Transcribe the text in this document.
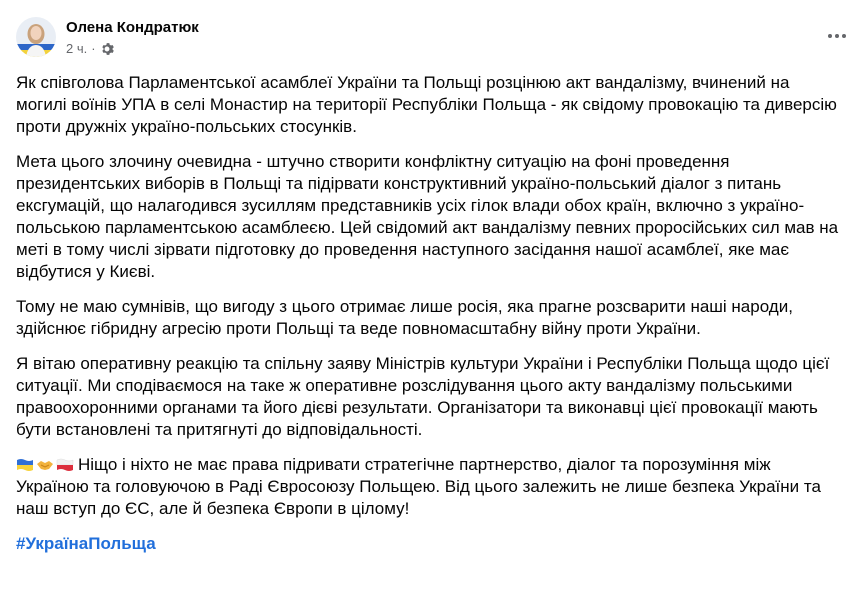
Олена Кондратюк
2 ч. ·

Як співголова Парламентської асамблеї України та Польщі розцінюю акт вандалізму, вчинений на могилі воїнів УПА в селі Монастир на території Республіки Польща - як свідому провокацію та диверсію проти дружніх україно-польських стосунків.

Мета цього злочину очевидна - штучно створити конфліктну ситуацію на фоні проведення президентських виборів в Польщі та підірвати конструктивний україно-польський діалог з питань ексгумацій, що налагодився зусиллям представників усіх гілок влади обох країн, включно з україно-польською парламентською асамблеєю. Цей свідомий акт вандалізму певних проросійських сил мав на меті в тому числі зірвати підготовку до проведення наступного засідання нашої асамблеї, яке має відбутися у Києві.

Тому не маю сумнівів, що вигоду з цього отримає лише росія, яка прагне розсварити наші народи, здійснює гібридну агресію проти Польщі та веде повномасштабну війну проти України.

Я вітаю оперативну реакцію та спільну заяву Міністрів культури України і Республіки Польща щодо цієї ситуації. Ми сподіваємося на таке ж оперативне розслідування цього акту вандалізму польськими правоохоронними органами та його дієві результати. Організатори та виконавці цієї провокації мають бути встановлені та притягнуті до відповідальності.

Ніщо і ніхто не має права підривати стратегічне партнерство, діалог та порозуміння між Україною та головуючою в Раді Євросоюзу Польщею. Від цього залежить не лише безпека України та наш вступ до ЄС, але й безпека Європи в цілому!

#УкраїнаПольща
